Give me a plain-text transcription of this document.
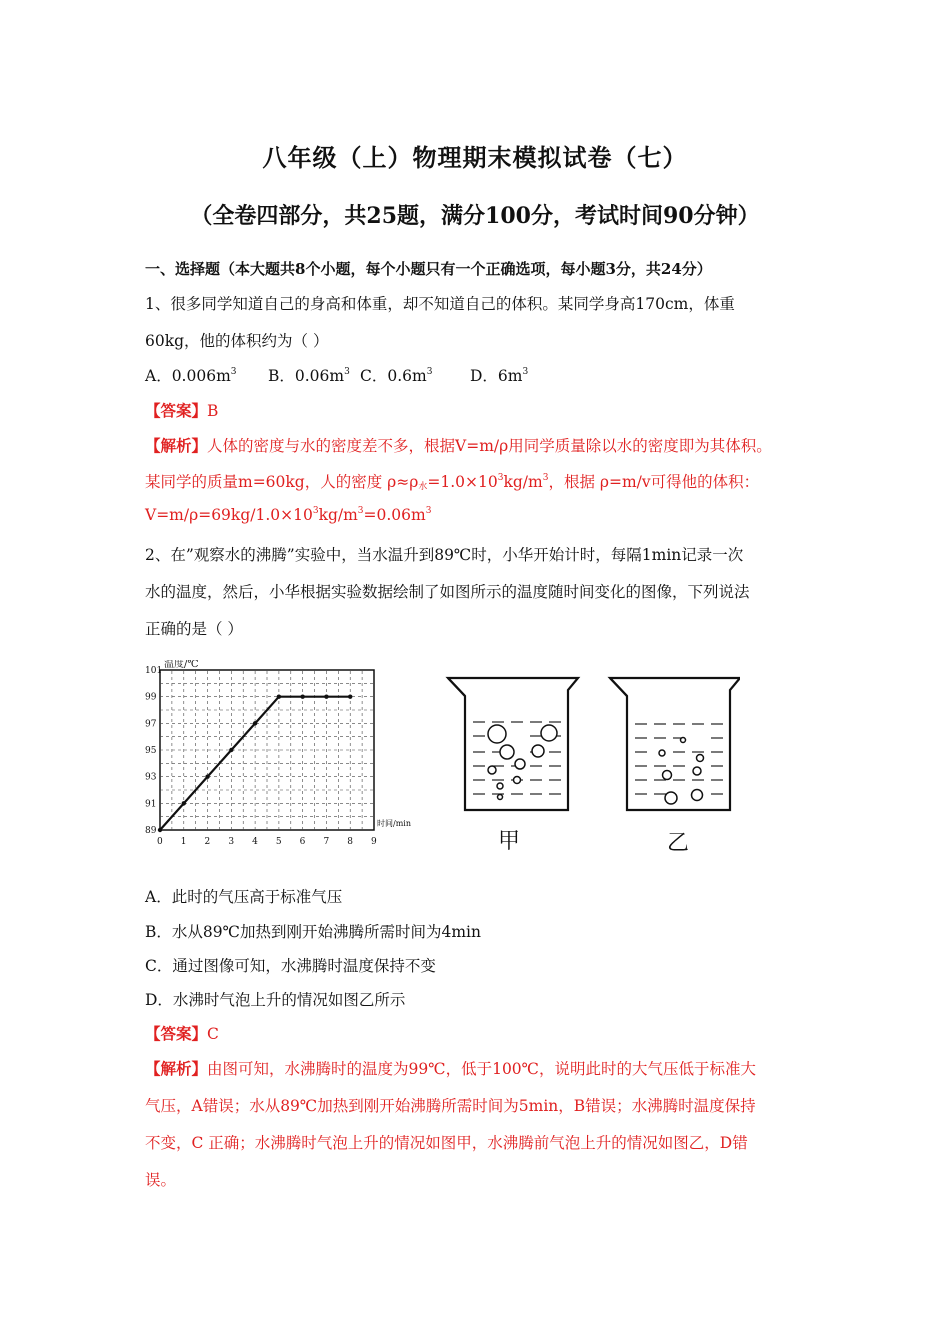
八年级（上）物理期末模拟试卷（七）
（全卷四部分，共25题，满分100分，考试时间90分钟）
一、选择题（本大题共8个小题，每个小题只有一个正确选项，每小题3分，共24分）
1、很多同学知道自己的身高和体重，却不知道自己的体积。某同学身高170cm，体重
60kg，他的体积约为（ ）
A．$0.006m^3$ B．$0.06m^3$ C．$0.6m^3$ D．$6m^3$
【答案】B
【解析】人体的密度与水的密度差不多，根据V=m/ρ用同学质量除以水的密度即为其体积。
某同学的质量m=60kg，人的密度 $\rho\approx\rho_水=1.0\times 10^3kg/m^3$，根据 ρ=m/v可得他的体积：
$V=m/\rho=69kg/1.0\times 10^3kg/m^3=0.06m^3$
2、在”观察水的沸腾”实验中，当水温升到89℃时，小华开始计时，每隔1min记录一次
水的温度，然后，小华根据实验数据绘制了如图所示的温度随时间变化的图像，下列说法
正确的是（ ）
0 1 2 3 4 5 6 7 8 9
89
91
93
95
97
99
101
温度/℃
时间/min
甲	乙
A．此时的气压高于标准气压
B．水从89℃加热到刚开始沸腾所需时间为4min
C．通过图像可知，水沸腾时温度保持不变
D．水沸时气泡上升的情况如图乙所示
【答案】C
【解析】由图可知，水沸腾时的温度为99℃，低于100℃，说明此时的大气压低于标准大
气压，A错误；水从89℃加热到刚开始沸腾所需时间为5min，B错误；水沸腾时温度保持
不变，C 正确；水沸腾时气泡上升的情况如图甲，水沸腾前气泡上升的情况如图乙，D错
误。
